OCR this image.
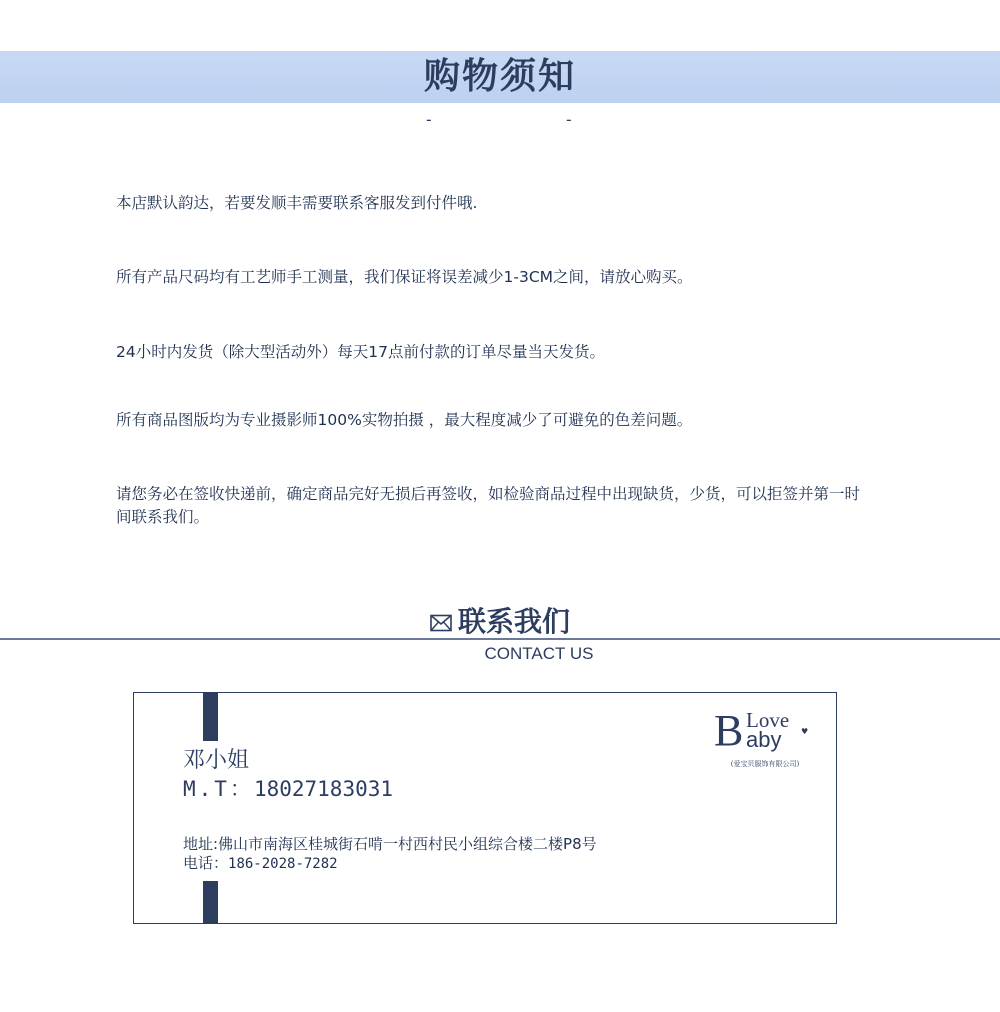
购物须知
-	-

本店默认韵达，若要发顺丰需要联系客服发到付件哦.

所有产品尺码均有工艺师手工测量，我们保证将误差减少1-3CM之间，请放心购买。

24小时内发货（除大型活动外）每天17点前付款的订单尽量当天发货。

所有商品图版均为专业摄影师100%实物拍摄 ，最大程度减少了可避免的色差问题。

请您务必在签收快递前，确定商品完好无损后再签收，如检验商品过程中出现缺货，少货，可以拒签并第一时间联系我们。

联系我们
CONTACT US
邓小姐
M.T：18027183031
地址:佛山市南海区桂城街石啃一村西村民小组综合楼二楼P8号
电话：186-2028-7282
B Love
aby ♥
(爱宝贝服饰有限公司)
